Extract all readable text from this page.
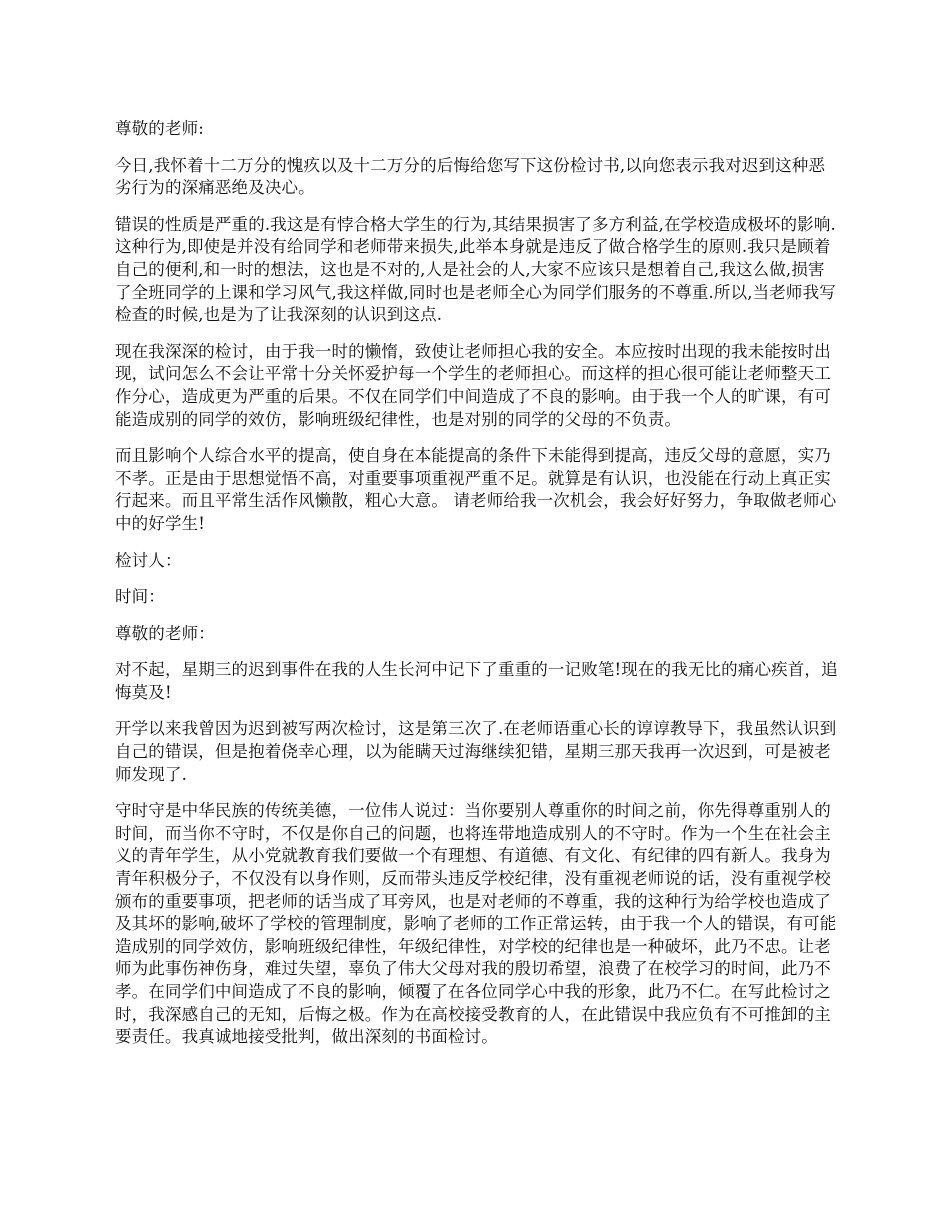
尊敬的老师:

今日,我怀着十二万分的愧疚以及十二万分的后悔给您写下这份检讨书,以向您表示我对迟到这种恶劣行为的深痛恶绝及决心。

错误的性质是严重的.我这是有悖合格大学生的行为,其结果损害了多方利益,在学校造成极坏的影响.这种行为,即使是并没有给同学和老师带来损失,此举本身就是违反了做合格学生的原则.我只是顾着自己的便利,和一时的想法，这也是不对的,人是社会的人,大家不应该只是想着自己,我这么做,损害了全班同学的上课和学习风气,我这样做,同时也是老师全心为同学们服务的不尊重.所以,当老师我写检查的时候,也是为了让我深刻的认识到这点.

现在我深深的检讨，由于我一时的懒惰，致使让老师担心我的安全。本应按时出现的我未能按时出现，试问怎么不会让平常十分关怀爱护每一个学生的老师担心。而这样的担心很可能让老师整天工作分心，造成更为严重的后果。不仅在同学们中间造成了不良的影响。由于我一个人的旷课，有可能造成别的同学的效仿，影响班级纪律性，也是对别的同学的父母的不负责。

而且影响个人综合水平的提高，使自身在本能提高的条件下未能得到提高，违反父母的意愿，实乃不孝。正是由于思想觉悟不高，对重要事项重视严重不足。就算是有认识，也没能在行动上真正实行起来。而且平常生活作风懒散，粗心大意。 请老师给我一次机会，我会好好努力，争取做老师心中的好学生!

检讨人：

时间：

尊敬的老师：

对不起，星期三的迟到事件在我的人生长河中记下了重重的一记败笔!现在的我无比的痛心疾首，追悔莫及!

开学以来我曾因为迟到被写两次检讨，这是第三次了.在老师语重心长的谆谆教导下，我虽然认识到自己的错误，但是抱着侥幸心理，以为能瞒天过海继续犯错，星期三那天我再一次迟到，可是被老师发现了.

守时守是中华民族的传统美德，一位伟人说过：当你要别人尊重你的时间之前，你先得尊重别人的时间，而当你不守时，不仅是你自己的问题，也将连带地造成别人的不守时。作为一个生在社会主义的青年学生，从小党就教育我们要做一个有理想、有道德、有文化、有纪律的四有新人。我身为青年积极分子，不仅没有以身作则，反而带头违反学校纪律，没有重视老师说的话，没有重视学校颁布的重要事项，把老师的话当成了耳旁风，也是对老师的不尊重，我的这种行为给学校也造成了及其坏的影响,破坏了学校的管理制度，影响了老师的工作正常运转，由于我一个人的错误，有可能造成别的同学效仿，影响班级纪律性，年级纪律性，对学校的纪律也是一种破坏，此乃不忠。让老师为此事伤神伤身，难过失望，辜负了伟大父母对我的殷切希望，浪费了在校学习的时间，此乃不孝。在同学们中间造成了不良的影响，倾覆了在各位同学心中我的形象，此乃不仁。在写此检讨之时，我深感自己的无知，后悔之极。作为在高校接受教育的人，在此错误中我应负有不可推卸的主要责任。我真诚地接受批判，做出深刻的书面检讨。
